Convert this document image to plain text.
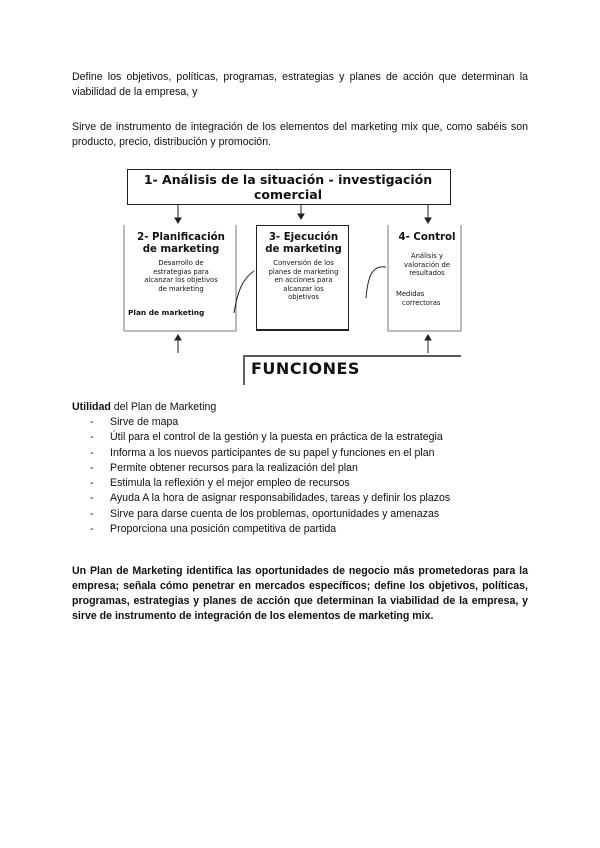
Define los objetivos, políticas, programas, estrategias y planes de acción que determinan la viabilidad de la empresa, y

Sirve de instrumento de integración de los elementos del marketing mix que, como sabéis son producto, precio, distribución y promoción.

1- Análisis de la situación - investigación
comercial
2- Planificación
de marketing
Desarrollo de
estrategias para
alcanzar los objetivos
de marketing
Plan de marketing
3- Ejecución
de marketing
Conversión de los
planes de marketing
en acciones para
alcanzar los
objetivos
4- Control
Análisis y
valoración de
resultados
Medidas
correctoras
FUNCIONES

Utilidad del Plan de Marketing

- Sirve de mapa
- Útil para el control de la gestión y la puesta en práctica de la estrategia
- Informa a los nuevos participantes de su papel y funciones en el plan
- Permite obtener recursos para la realización del plan
- Estimula la reflexión y el mejor empleo de recursos
- Ayuda A la hora de asignar responsabilidades, tareas y definir los plazos
- Sirve para darse cuenta de los problemas, oportunidades y amenazas
- Proporciona una posición competitiva de partida

Un Plan de Marketing identifica las oportunidades de negocio más prometedoras para la empresa; señala cómo penetrar en mercados específicos; define los objetivos, políticas, programas, estrategias y planes de acción que determinan la viabilidad de la empresa, y sirve de instrumento de integración de los elementos de marketing mix.
